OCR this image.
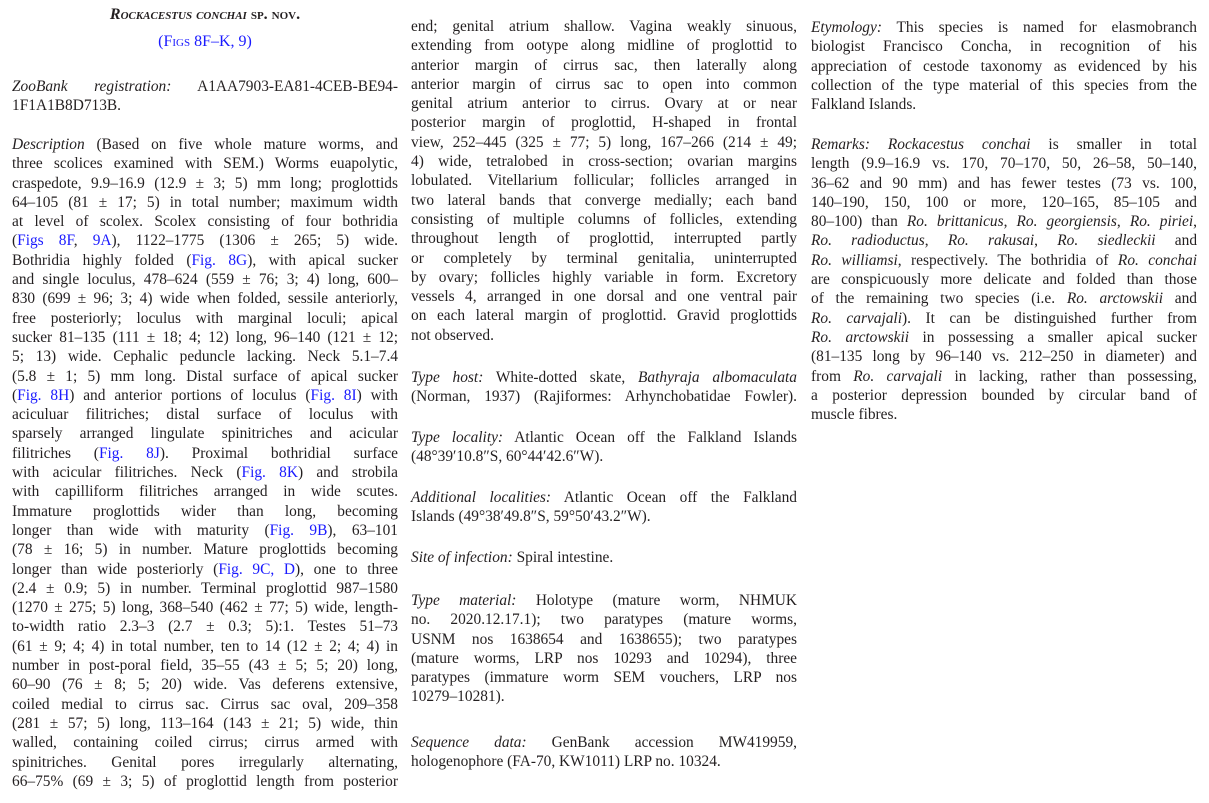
Rockacestus conchai sp. nov.
(Figs 8F–K, 9)
ZooBank registration: A1AA7903-EA81-4CEB-BE94-
1F1A1B8D713B.
Description (Based on five whole mature worms, and
three scolices examined with SEM.) Worms euapolytic,
craspedote, 9.9–16.9 (12.9 ± 3; 5) mm long; proglottids
64–105 (81 ± 17; 5) in total number; maximum width
at level of scolex. Scolex consisting of four bothridia
(Figs 8F, 9A), 1122–1775 (1306 ± 265; 5) wide.
Bothridia highly folded (Fig. 8G), with apical sucker
and single loculus, 478–624 (559 ± 76; 3; 4) long, 600–
830 (699 ± 96; 3; 4) wide when folded, sessile anteriorly,
free posteriorly; loculus with marginal loculi; apical
sucker 81–135 (111 ± 18; 4; 12) long, 96–140 (121 ± 12;
5; 13) wide. Cephalic peduncle lacking. Neck 5.1–7.4
(5.8 ± 1; 5) mm long. Distal surface of apical sucker
(Fig. 8H) and anterior portions of loculus (Fig. 8I) with
aciculuar filitriches; distal surface of loculus with
sparsely arranged lingulate spinitriches and acicular
filitriches (Fig. 8J). Proximal bothridial surface
with acicular filitriches. Neck (Fig. 8K) and strobila
with capilliform filitriches arranged in wide scutes.
Immature proglottids wider than long, becoming
longer than wide with maturity (Fig. 9B), 63–101
(78 ± 16; 5) in number. Mature proglottids becoming
longer than wide posteriorly (Fig. 9C, D), one to three
(2.4 ± 0.9; 5) in number. Terminal proglottid 987–1580
(1270 ± 275; 5) long, 368–540 (462 ± 77; 5) wide, length-
to-width ratio 2.3–3 (2.7 ± 0.3; 5):1. Testes 51–73
(61 ± 9; 4; 4) in total number, ten to 14 (12 ± 2; 4; 4) in
number in post-poral field, 35–55 (43 ± 5; 5; 20) long,
60–90 (76 ± 8; 5; 20) wide. Vas deferens extensive,
coiled medial to cirrus sac. Cirrus sac oval, 209–358
(281 ± 57; 5) long, 113–164 (143 ± 21; 5) wide, thin
walled, containing coiled cirrus; cirrus armed with
spinitriches. Genital pores irregularly alternating,
66–75% (69 ± 3; 5) of proglottid length from posterior
end; genital atrium shallow. Vagina weakly sinuous,
extending from ootype along midline of proglottid to
anterior margin of cirrus sac, then laterally along
anterior margin of cirrus sac to open into common
genital atrium anterior to cirrus. Ovary at or near
posterior margin of proglottid, H-shaped in frontal
view, 252–445 (325 ± 77; 5) long, 167–266 (214 ± 49;
4) wide, tetralobed in cross-section; ovarian margins
lobulated. Vitellarium follicular; follicles arranged in
two lateral bands that converge medially; each band
consisting of multiple columns of follicles, extending
throughout length of proglottid, interrupted partly
or completely by terminal genitalia, uninterrupted
by ovary; follicles highly variable in form. Excretory
vessels 4, arranged in one dorsal and one ventral pair
on each lateral margin of proglottid. Gravid proglottids
not observed.
Type host: White-dotted skate, Bathyraja albomaculata
(Norman, 1937) (Rajiformes: Arhynchobatidae Fowler).
Type locality: Atlantic Ocean off the Falkland Islands
(48°39′10.8″S, 60°44′42.6″W).
Additional localities: Atlantic Ocean off the Falkland
Islands (49°38′49.8″S, 59°50′43.2″W).
Site of infection: Spiral intestine.
Type material: Holotype (mature worm, NHMUK
no. 2020.12.17.1); two paratypes (mature worms,
USNM nos 1638654 and 1638655); two paratypes
(mature worms, LRP nos 10293 and 10294), three
paratypes (immature worm SEM vouchers, LRP nos
10279–10281).
Sequence data: GenBank accession MW419959,
hologenophore (FA-70, KW1011) LRP no. 10324.
Etymology: This species is named for elasmobranch
biologist Francisco Concha, in recognition of his
appreciation of cestode taxonomy as evidenced by his
collection of the type material of this species from the
Falkland Islands.
Remarks: Rockacestus conchai is smaller in total
length (9.9–16.9 vs. 170, 70–170, 50, 26–58, 50–140,
36–62 and 90 mm) and has fewer testes (73 vs. 100,
140–190, 150, 100 or more, 120–165, 85–105 and
80–100) than Ro. brittanicus, Ro. georgiensis, Ro. piriei,
Ro. radioductus, Ro. rakusai, Ro. siedleckii and
Ro. williamsi, respectively. The bothridia of Ro. conchai
are conspicuously more delicate and folded than those
of the remaining two species (i.e. Ro. arctowskii and
Ro. carvajali). It can be distinguished further from
Ro. arctowskii in possessing a smaller apical sucker
(81–135 long by 96–140 vs. 212–250 in diameter) and
from Ro. carvajali in lacking, rather than possessing,
a posterior depression bounded by circular band of
muscle fibres.
